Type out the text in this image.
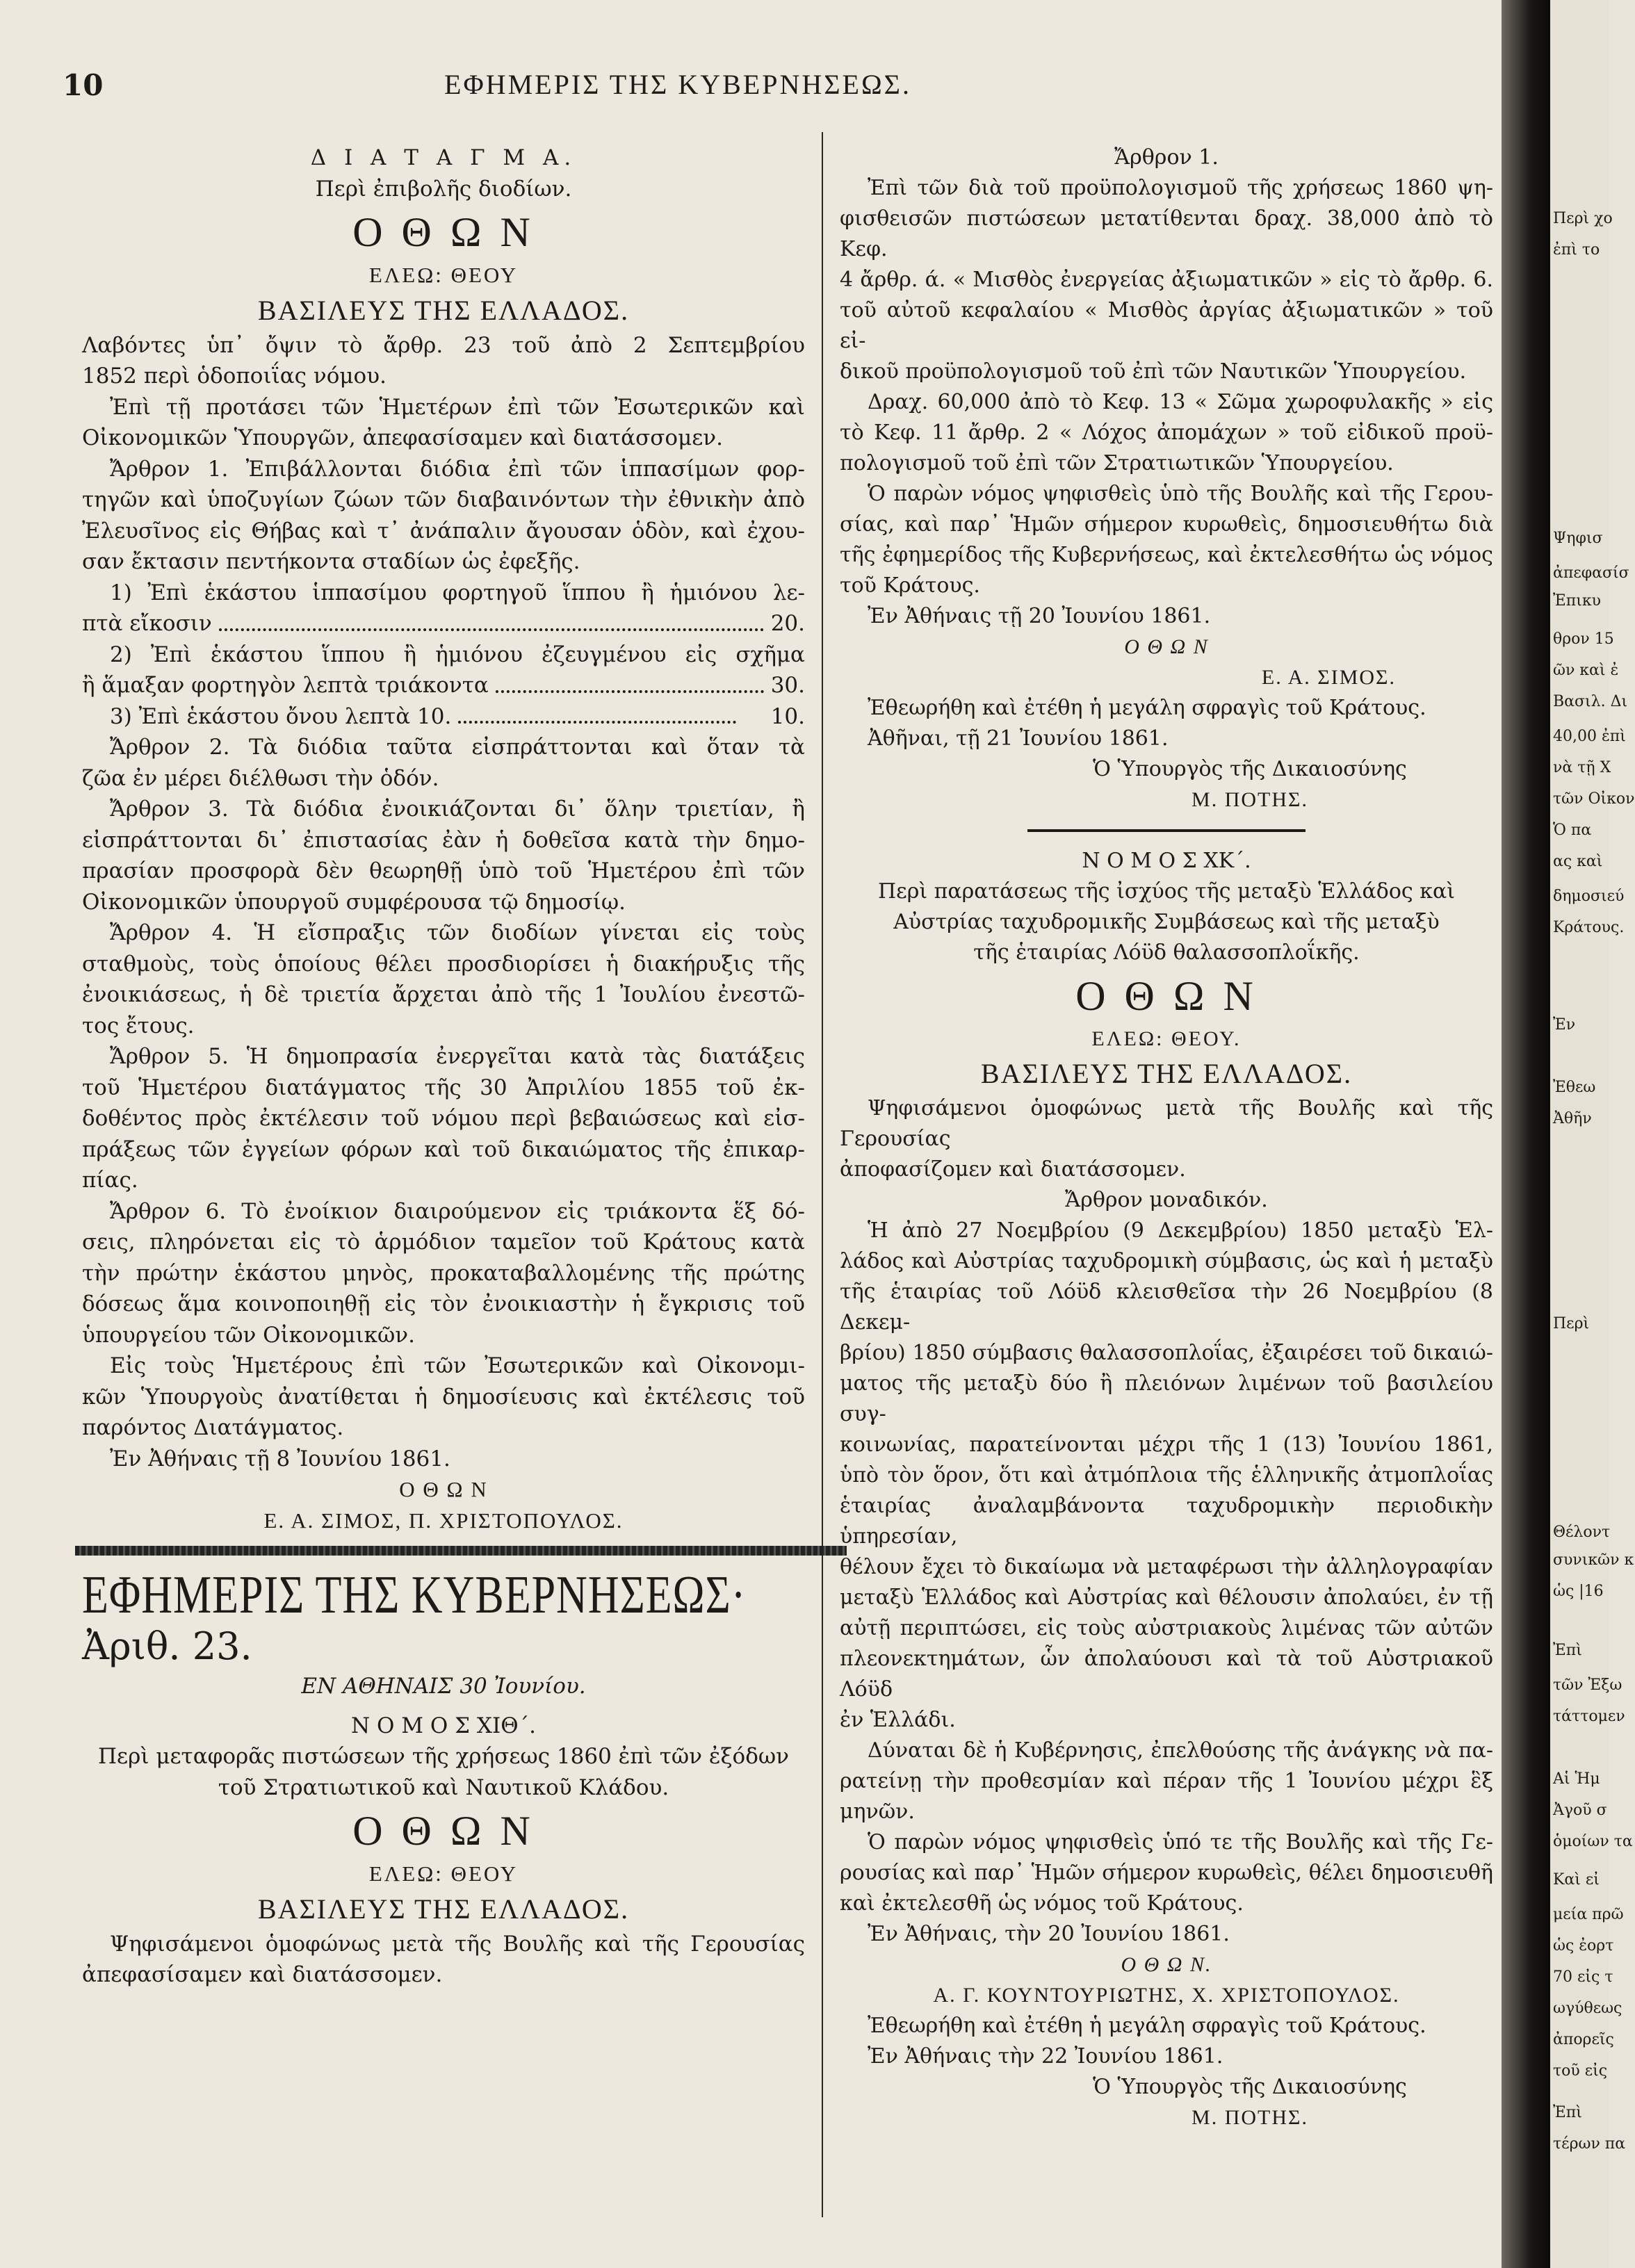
10	ΕΦΗΜΕΡΙΣ ΤΗΣ ΚΥΒΕΡΝΗΣΕΩΣ.
Δ Ι Α Τ Α Γ Μ Α.
Περὶ ἐπιβολῆς διοδίων.
Ο Θ Ω Ν
ΕΛΕΩ: ΘΕΟΥ
ΒΑΣΙΛΕΥΣ ΤΗΣ ΕΛΛΑΔΟΣ.
Λαβόντες ὑπ᾽ ὄψιν τὸ ἄρθρ. 23 τοῦ ἀπὸ 2 Σεπτεμβρίου
1852 περὶ ὁδοποιΐας νόμου.
Ἐπὶ τῇ προτάσει τῶν Ἡμετέρων ἐπὶ τῶν Ἐσωτερικῶν καὶ
Οἰκονομικῶν Ὑπουργῶν, ἀπεφασίσαμεν καὶ διατάσσομεν.
Ἄρθρον 1. Ἐπιβάλλονται διόδια ἐπὶ τῶν ἱππασίμων φορ-
τηγῶν καὶ ὑποζυγίων ζώων τῶν διαβαινόντων τὴν ἐθνικὴν ἀπὸ
Ἐλευσῖνος εἰς Θήβας καὶ τ᾽ ἀνάπαλιν ἄγουσαν ὁδὸν, καὶ ἐχου-
σαν ἔκτασιν πεντήκοντα σταδίων ὡς ἐφεξῆς.
1) Ἐπὶ ἑκάστου ἱππασίμου φορτηγοῦ ἵππου ἢ ἡμιόνου λε-
πτὰ εἴκοσιν	20.
2) Ἐπὶ ἑκάστου ἵππου ἢ ἡμιόνου ἐζευγμένου εἰς σχῆμα
ἢ ἅμαξαν φορτηγὸν λεπτὰ τριάκοντα	30.
3) Ἐπὶ ἑκάστου ὄνου λεπτὰ 10.	10.
Ἄρθρον 2. Τὰ διόδια ταῦτα εἰσπράττονται καὶ ὅταν τὰ
ζῶα ἐν μέρει διέλθωσι τὴν ὁδόν.
Ἄρθρον 3. Τὰ διόδια ἐνοικιάζονται δι᾽ ὅλην τριετίαν, ἢ
εἰσπράττονται δι᾽ ἐπιστασίας ἐὰν ἡ δοθεῖσα κατὰ τὴν δημο-
πρασίαν προσφορὰ δὲν θεωρηθῇ ὑπὸ τοῦ Ἡμετέρου ἐπὶ τῶν
Οἰκονομικῶν ὑπουργοῦ συμφέρουσα τῷ δημοσίῳ.
Ἄρθρον 4. Ἡ εἴσπραξις τῶν διοδίων γίνεται εἰς τοὺς
σταθμοὺς, τοὺς ὁποίους θέλει προσδιορίσει ἡ διακήρυξις τῆς
ἐνοικιάσεως, ἡ δὲ τριετία ἄρχεται ἀπὸ τῆς 1 Ἰουλίου ἐνεστῶ-
τος ἔτους.
Ἄρθρον 5. Ἡ δημοπρασία ἐνεργεῖται κατὰ τὰς διατάξεις
τοῦ Ἡμετέρου διατάγματος τῆς 30 Ἀπριλίου 1855 τοῦ ἐκ-
δοθέντος πρὸς ἐκτέλεσιν τοῦ νόμου περὶ βεβαιώσεως καὶ εἰσ-
πράξεως τῶν ἐγγείων φόρων καὶ τοῦ δικαιώματος τῆς ἐπικαρ-
πίας.
Ἄρθρον 6. Τὸ ἐνοίκιον διαιρούμενον εἰς τριάκοντα ἕξ δό-
σεις, πληρόνεται εἰς τὸ ἁρμόδιον ταμεῖον τοῦ Κράτους κατὰ
τὴν πρώτην ἑκάστου μηνὸς, προκαταβαλλομένης τῆς πρώτης
δόσεως ἅμα κοινοποιηθῇ εἰς τὸν ἐνοικιαστὴν ἡ ἔγκρισις τοῦ
ὑπουργείου τῶν Οἰκονομικῶν.
Εἰς τοὺς Ἡμετέρους ἐπὶ τῶν Ἐσωτερικῶν καὶ Οἰκονομι-
κῶν Ὑπουργοὺς ἀνατίθεται ἡ δημοσίευσις καὶ ἐκτέλεσις τοῦ
παρόντος Διατάγματος.
Ἐν Ἀθήναις τῇ 8 Ἰουνίου 1861.
Ο Θ Ω Ν
Ε. Α. ΣΙΜΟΣ, Π. ΧΡΙΣΤΟΠΟΥΛΟΣ.
ΕΦΗΜΕΡΙΣ ΤΗΣ ΚΥΒΕΡΝΗΣΕΩΣ·
Ἀριθ. 23.
ΕΝ ΑΘΗΝΑΙΣ 30 Ἰουνίου.
Ν Ο Μ Ο Σ ΧΙΘ΄.
Περὶ μεταφορᾶς πιστώσεων τῆς χρήσεως 1860 ἐπὶ τῶν ἐξόδων
τοῦ Στρατιωτικοῦ καὶ Ναυτικοῦ Κλάδου.
Ο Θ Ω Ν
ΕΛΕΩ: ΘΕΟΥ
ΒΑΣΙΛΕΥΣ ΤΗΣ ΕΛΛΑΔΟΣ.
Ψηφισάμενοι ὁμοφώνως μετὰ τῆς Βουλῆς καὶ τῆς Γερουσίας
ἀπεφασίσαμεν καὶ διατάσσομεν.
Ἄρθρον 1.
Ἐπὶ τῶν διὰ τοῦ προϋπολογισμοῦ τῆς χρήσεως 1860 ψη-
φισθεισῶν πιστώσεων μετατίθενται δραχ. 38,000 ἀπὸ τὸ Κεφ.
4 ἄρθρ. ά. « Μισθὸς ἐνεργείας ἀξιωματικῶν » εἰς τὸ ἄρθρ. 6.
τοῦ αὐτοῦ κεφαλαίου « Μισθὸς ἀργίας ἀξιωματικῶν » τοῦ εἰ-
δικοῦ προϋπολογισμοῦ τοῦ ἐπὶ τῶν Ναυτικῶν Ὑπουργείου.
Δραχ. 60,000 ἀπὸ τὸ Κεφ. 13 « Σῶμα χωροφυλακῆς » εἰς
τὸ Κεφ. 11 ἄρθρ. 2 « Λόχος ἀπομάχων » τοῦ εἰδικοῦ προϋ-
πολογισμοῦ τοῦ ἐπὶ τῶν Στρατιωτικῶν Ὑπουργείου.
Ὁ παρὼν νόμος ψηφισθεὶς ὑπὸ τῆς Βουλῆς καὶ τῆς Γερου-
σίας, καὶ παρ᾽ Ἡμῶν σήμερον κυρωθεὶς, δημοσιευθήτω διὰ
τῆς ἐφημερίδος τῆς Κυβερνήσεως, καὶ ἐκτελεσθήτω ὡς νόμος
τοῦ Κράτους.
Ἐν Ἀθήναις τῇ 20 Ἰουνίου 1861.
Ο Θ Ω Ν
Ε. Α. ΣΙΜΟΣ.
Ἐθεωρήθη καὶ ἐτέθη ἡ μεγάλη σφραγὶς τοῦ Κράτους.
Ἀθῆναι, τῇ 21 Ἰουνίου 1861.
Ὁ Ὑπουργὸς τῆς Δικαιοσύνης
Μ. ΠΟΤΗΣ.
Ν Ο Μ Ο Σ ΧΚ΄.
Περὶ παρατάσεως τῆς ἰσχύος τῆς μεταξὺ Ἑλλάδος καὶ
Αὐστρίας ταχυδρομικῆς Συμβάσεως καὶ τῆς μεταξὺ
τῆς ἑταιρίας Λόϋδ θαλασσοπλοΐκῆς.
Ο Θ Ω Ν
ΕΛΕΩ: ΘΕΟΥ.
ΒΑΣΙΛΕΥΣ ΤΗΣ ΕΛΛΑΔΟΣ.
Ψηφισάμενοι ὁμοφώνως μετὰ τῆς Βουλῆς καὶ τῆς Γερουσίας
ἀποφασίζομεν καὶ διατάσσομεν.
Ἄρθρον μοναδικόν.
Ἡ ἀπὸ 27 Νοεμβρίου (9 Δεκεμβρίου) 1850 μεταξὺ Ἑλ-
λάδος καὶ Αὐστρίας ταχυδρομικὴ σύμβασις, ὡς καὶ ἡ μεταξὺ
τῆς ἑταιρίας τοῦ Λόϋδ κλεισθεῖσα τὴν 26 Νοεμβρίου (8 Δεκεμ-
βρίου) 1850 σύμβασις θαλασσοπλοΐας, ἐξαιρέσει τοῦ δικαιώ-
ματος τῆς μεταξὺ δύο ἢ πλειόνων λιμένων τοῦ βασιλείου συγ-
κοινωνίας, παρατείνονται μέχρι τῆς 1 (13) Ἰουνίου 1861,
ὑπὸ τὸν ὅρον, ὅτι καὶ ἀτμόπλοια τῆς ἑλληνικῆς ἀτμοπλοΐας
ἑταιρίας ἀναλαμβάνοντα ταχυδρομικὴν περιοδικὴν ὑπηρεσίαν,
θέλουν ἔχει τὸ δικαίωμα νὰ μεταφέρωσι τὴν ἀλληλογραφίαν
μεταξὺ Ἑλλάδος καὶ Αὐστρίας καὶ θέλουσιν ἀπολαύει, ἐν τῇ
αὐτῇ περιπτώσει, εἰς τοὺς αὐστριακοὺς λιμένας τῶν αὐτῶν
πλεονεκτημάτων, ὧν ἀπολαύουσι καὶ τὰ τοῦ Αὐστριακοῦ Λόϋδ
ἐν Ἑλλάδι.
Δύναται δὲ ἡ Κυβέρνησις, ἐπελθούσης τῆς ἀνάγκης νὰ πα-
ρατείνῃ τὴν προθεσμίαν καὶ πέραν τῆς 1 Ἰουνίου μέχρι ἓξ
μηνῶν.
Ὁ παρὼν νόμος ψηφισθεὶς ὑπό τε τῆς Βουλῆς καὶ τῆς Γε-
ρουσίας καὶ παρ᾽ Ἡμῶν σήμερον κυρωθεὶς, θέλει δημοσιευθῆ
καὶ ἐκτελεσθῆ ὡς νόμος τοῦ Κράτους.
Ἐν Ἀθήναις, τὴν 20 Ἰουνίου 1861.
Ο Θ Ω Ν.
Α. Γ. ΚΟΥΝΤΟΥΡΙΩΤΗΣ, Χ. ΧΡΙΣΤΟΠΟΥΛΟΣ.
Ἐθεωρήθη καὶ ἐτέθη ἡ μεγάλη σφραγὶς τοῦ Κράτους.
Ἐν Ἀθήναις τὴν 22 Ἰουνίου 1861.
Ὁ Ὑπουργὸς τῆς Δικαιοσύνης
Μ. ΠΟΤΗΣ.
Περὶ χο
ἐπὶ το
Ψηφισ
ἀπεφασίσ
Ἐπικυ
θρον 15
ῶν καὶ ἐ
Βασιλ. Δι
40,00 ἐπὶ
νὰ τῇ Χ
τῶν Οἰκον
Ὁ πα
ας καὶ
δημοσιεύ
Κράτους.
Ἐν
Ἐθεω
Ἀθῆν
Περὶ
Θέλοντ
συνικῶν κ
ὡς |16
Ἐπὶ
τῶν Ἐξω
τάττομεν
Αἱ Ἡμ
Ἀγοῦ σ
ὁμοίων τα
Καὶ εἰ
μεία πρῶ
ὡς ἐορτ
70 εἰς τ
ωγύθεως
ἀπορεῖς
τοῦ εἰς
Ἐπὶ
τέρων πα
